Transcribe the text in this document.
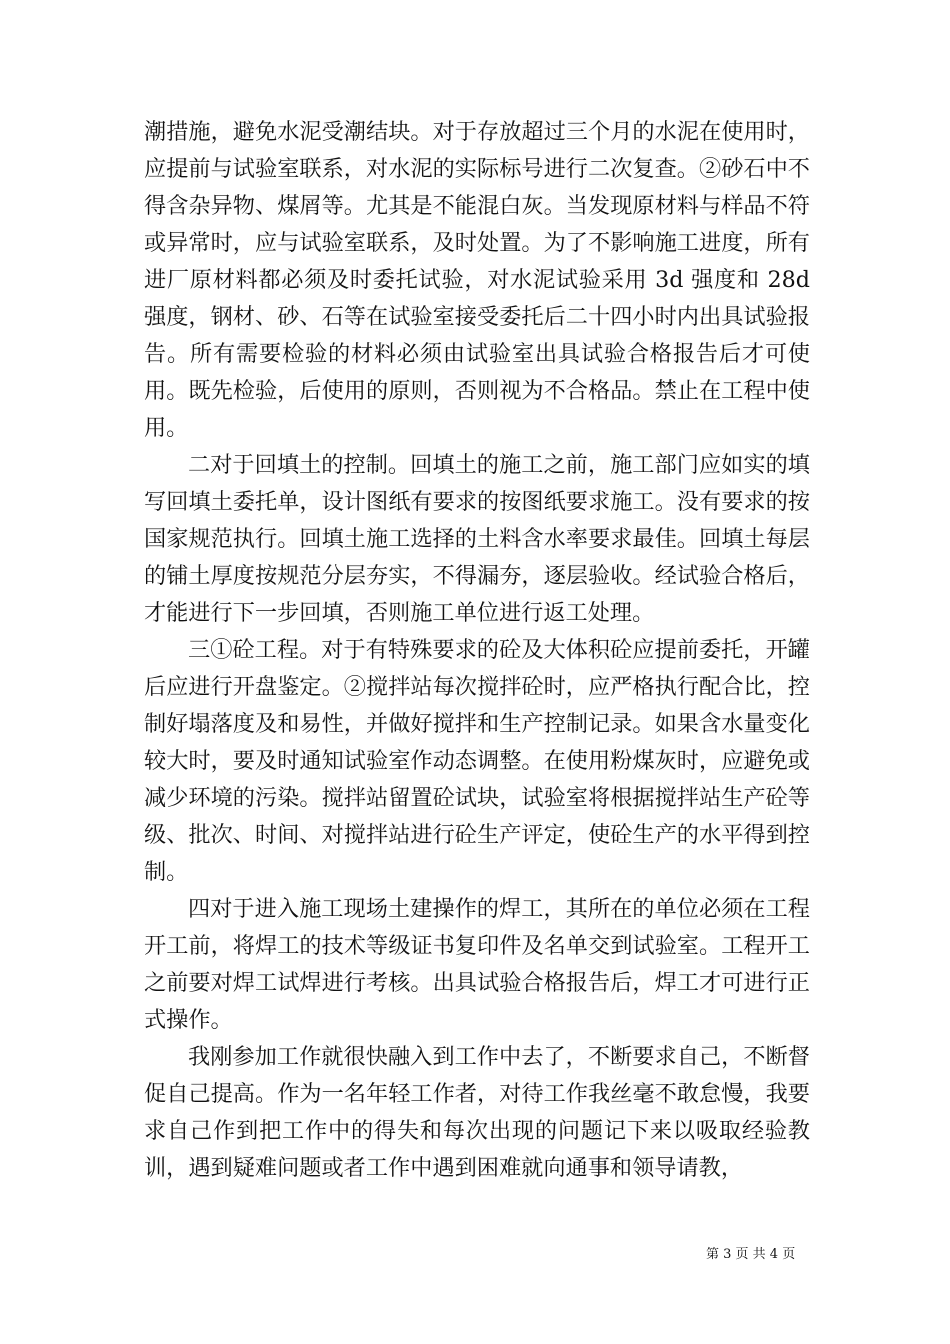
潮措施，避免水泥受潮结块。对于存放超过三个月的水泥在使用时，应提前与试验室联系，对水泥的实际标号进行二次复查。②砂石中不得含杂异物、煤屑等。尤其是不能混白灰。当发现原材料与样品不符或异常时，应与试验室联系，及时处置。为了不影响施工进度，所有进厂原材料都必须及时委托试验，对水泥试验采用 3d 强度和 28d 强度，钢材、砂、石等在试验室接受委托后二十四小时内出具试验报告。所有需要检验的材料必须由试验室出具试验合格报告后才可使用。既先检验，后使用的原则，否则视为不合格品。禁止在工程中使用。

二对于回填土的控制。回填土的施工之前，施工部门应如实的填写回填土委托单，设计图纸有要求的按图纸要求施工。没有要求的按国家规范执行。回填土施工选择的土料含水率要求最佳。回填土每层的铺土厚度按规范分层夯实，不得漏夯，逐层验收。经试验合格后，才能进行下一步回填，否则施工单位进行返工处理。

三①砼工程。对于有特殊要求的砼及大体积砼应提前委托，开罐后应进行开盘鉴定。②搅拌站每次搅拌砼时，应严格执行配合比，控制好塌落度及和易性，并做好搅拌和生产控制记录。如果含水量变化较大时，要及时通知试验室作动态调整。在使用粉煤灰时，应避免或减少环境的污染。搅拌站留置砼试块，试验室将根据搅拌站生产砼等级、批次、时间、对搅拌站进行砼生产评定，使砼生产的水平得到控制。

四对于进入施工现场土建操作的焊工，其所在的单位必须在工程开工前，将焊工的技术等级证书复印件及名单交到试验室。工程开工之前要对焊工试焊进行考核。出具试验合格报告后，焊工才可进行正式操作。

我刚参加工作就很快融入到工作中去了，不断要求自己，不断督促自己提高。作为一名年轻工作者，对待工作我丝毫不敢怠慢，我要求自己作到把工作中的得失和每次出现的问题记下来以吸取经验教训，遇到疑难问题或者工作中遇到困难就向通事和领导请教，

第 3 页 共 4 页
